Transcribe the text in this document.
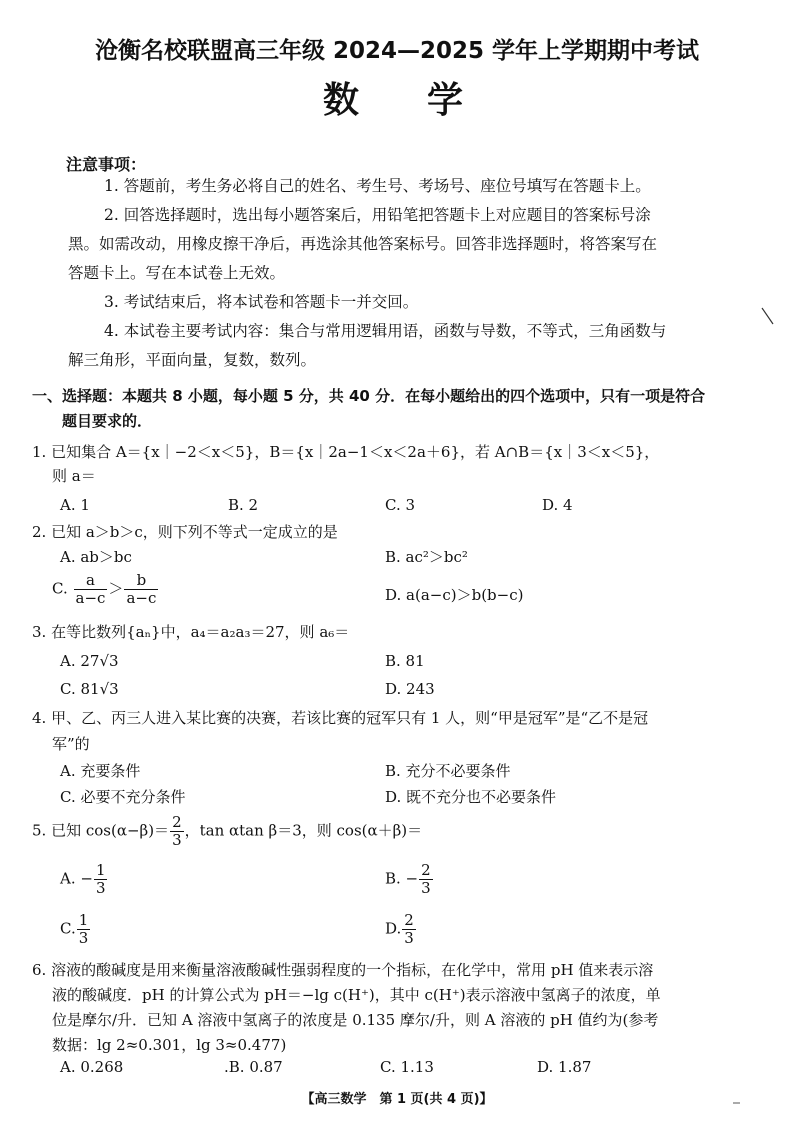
沧衡名校联盟高三年级 2024—2025 学年上学期期中考试
数 学
注意事项：
1. 答题前，考生务必将自己的姓名、考生号、考场号、座位号填写在答题卡上。
2. 回答选择题时，选出每小题答案后，用铅笔把答题卡上对应题目的答案标号涂
黑。如需改动，用橡皮擦干净后，再选涂其他答案标号。回答非选择题时，将答案写在
答题卡上。写在本试卷上无效。
3. 考试结束后，将本试卷和答题卡一并交回。
4. 本试卷主要考试内容：集合与常用逻辑用语，函数与导数，不等式，三角函数与
解三角形，平面向量，复数，数列。
一、选择题：本题共 8 小题，每小题 5 分，共 40 分．在每小题给出的四个选项中，只有一项是符合
题目要求的．
1. 已知集合 A＝{x｜−2＜x＜5}，B＝{x｜2a−1＜x＜2a＋6}，若 A∩B＝{x｜3＜x＜5}，
则 a＝
A. 1	B. 2	C. 3	D. 4
2. 已知 a＞b＞c，则下列不等式一定成立的是
A. ab＞bc	B. ac²＞bc²
C. $\frac{a}{a-c} > \frac{b}{a-c}$	D. a(a−c)＞b(b−c)
3. 在等比数列{aₙ}中，a₄＝a₂a₃＝27，则 a₆＝
A. 27√3	B. 81
C. 81√3	D. 243
4. 甲、乙、丙三人进入某比赛的决赛，若该比赛的冠军只有 1 人，则“甲是冠军”是“乙不是冠
军”的
A. 充要条件	B. 充分不必要条件
C. 必要不充分条件	D. 既不充分也不必要条件
5. 已知 $\cos(\alpha-\beta)= \frac{2}{3}$ ，tan αtan β＝3，则 cos(α＋β)＝
A. − $\frac{1}{3}$	B. − $\frac{2}{3}$
C. $\frac{1}{3}$	D. $\frac{2}{3}$
6. 溶液的酸碱度是用来衡量溶液酸碱性强弱程度的一个指标，在化学中，常用 pH 值来表示溶
液的酸碱度．pH 的计算公式为 pH＝−lg c(H⁺)，其中 c(H⁺)表示溶液中氢离子的浓度，单
位是摩尔/升．已知 A 溶液中氢离子的浓度是 0.135 摩尔/升，则 A 溶液的 pH 值约为(参考
数据：lg 2≈0.301，lg 3≈0.477)
A. 0.268	.B. 0.87	C. 1.13	D. 1.87
【高三数学　第 1 页(共 4 页)】
